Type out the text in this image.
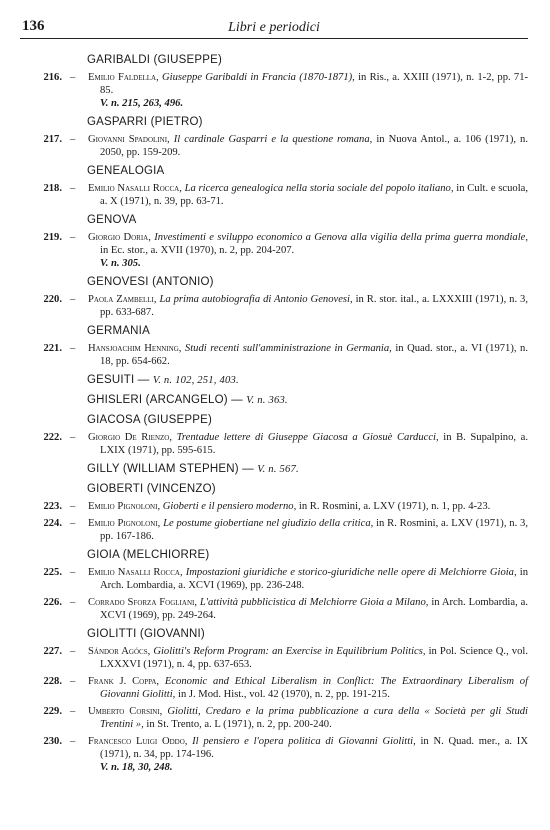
136	Libri e periodici
GARIBALDI (GIUSEPPE)
216. – Emilio Faldella, Giuseppe Garibaldi in Francia (1870-1871), in Ris., a. XXIII (1971), n. 1-2, pp. 71-85.
V. n. 215, 263, 496.
GASPARRI (PIETRO)
217. – Giovanni Spadolini, Il cardinale Gasparri e la questione romana, in Nuova Antol., a. 106 (1971), n. 2050, pp. 159-209.
GENEALOGIA
218. – Emilio Nasalli Rocca, La ricerca genealogica nella storia sociale del popolo italiano, in Cult. e scuola, a. X (1971), n. 39, pp. 63-71.
GENOVA
219. – Giorgio Doria, Investimenti e sviluppo economico a Genova alla vigilia della prima guerra mondiale, in Ec. stor., a. XVII (1970), n. 2, pp. 204-207.
V. n. 305.
GENOVESI (ANTONIO)
220. – Paola Zambelli, La prima autobiografia di Antonio Genovesi, in R. stor. ital., a. LXXXIII (1971), n. 3, pp. 633-687.
GERMANIA
221. – Hansjoachim Henning, Studi recenti sull'amministrazione in Germania, in Quad. stor., a. VI (1971), n. 18, pp. 654-662.
GESUITI — V. n. 102, 251, 403.
GHISLERI (ARCANGELO) — V. n. 363.
GIACOSA (GIUSEPPE)
222. – Giorgio De Rienzo, Trentadue lettere di Giuseppe Giacosa a Giosuè Carducci, in B. Supalpino, a. LXIX (1971), pp. 595-615.
GILLY (WILLIAM STEPHEN) — V. n. 567.
GIOBERTI (VINCENZO)
223. – Emilio Pignoloni, Gioberti e il pensiero moderno, in R. Rosmini, a. LXV (1971), n. 1, pp. 4-23.
224. – Emilio Pignoloni, Le postume giobertiane nel giudizio della critica, in R. Rosmini, a. LXV (1971), n. 3, pp. 167-186.
GIOIA (MELCHIORRE)
225. – Emilio Nasalli Rocca, Impostazioni giuridiche e storico-giuridiche nelle opere di Melchiorre Gioia, in Arch. Lombardia, a. XCVI (1969), pp. 236-248.
226. – Corrado Sforza Fogliani, L'attività pubblicistica di Melchiorre Gioia a Milano, in Arch. Lombardia, a. XCVI (1969), pp. 249-264.
GIOLITTI (GIOVANNI)
227. – Sándor Agócs, Giolitti's Reform Program: an Exercise in Equilibrium Politics, in Pol. Science Q., vol. LXXXVI (1971), n. 4, pp. 637-653.
228. – Frank J. Coppa, Economic and Ethical Liberalism in Conflict: The Extraordinary Liberalism of Giovanni Giolitti, in J. Mod. Hist., vol. 42 (1970), n. 2, pp. 191-215.
229. – Umberto Corsini, Giolitti, Credaro e la prima pubblicazione a cura della « Società per gli Studi Trentini », in St. Trento, a. L (1971), n. 2, pp. 200-240.
230. – Francesco Luigi Oddo, Il pensiero e l'opera politica di Giovanni Giolitti, in N. Quad. mer., a. IX (1971), n. 34, pp. 174-196.
V. n. 18, 30, 248.
